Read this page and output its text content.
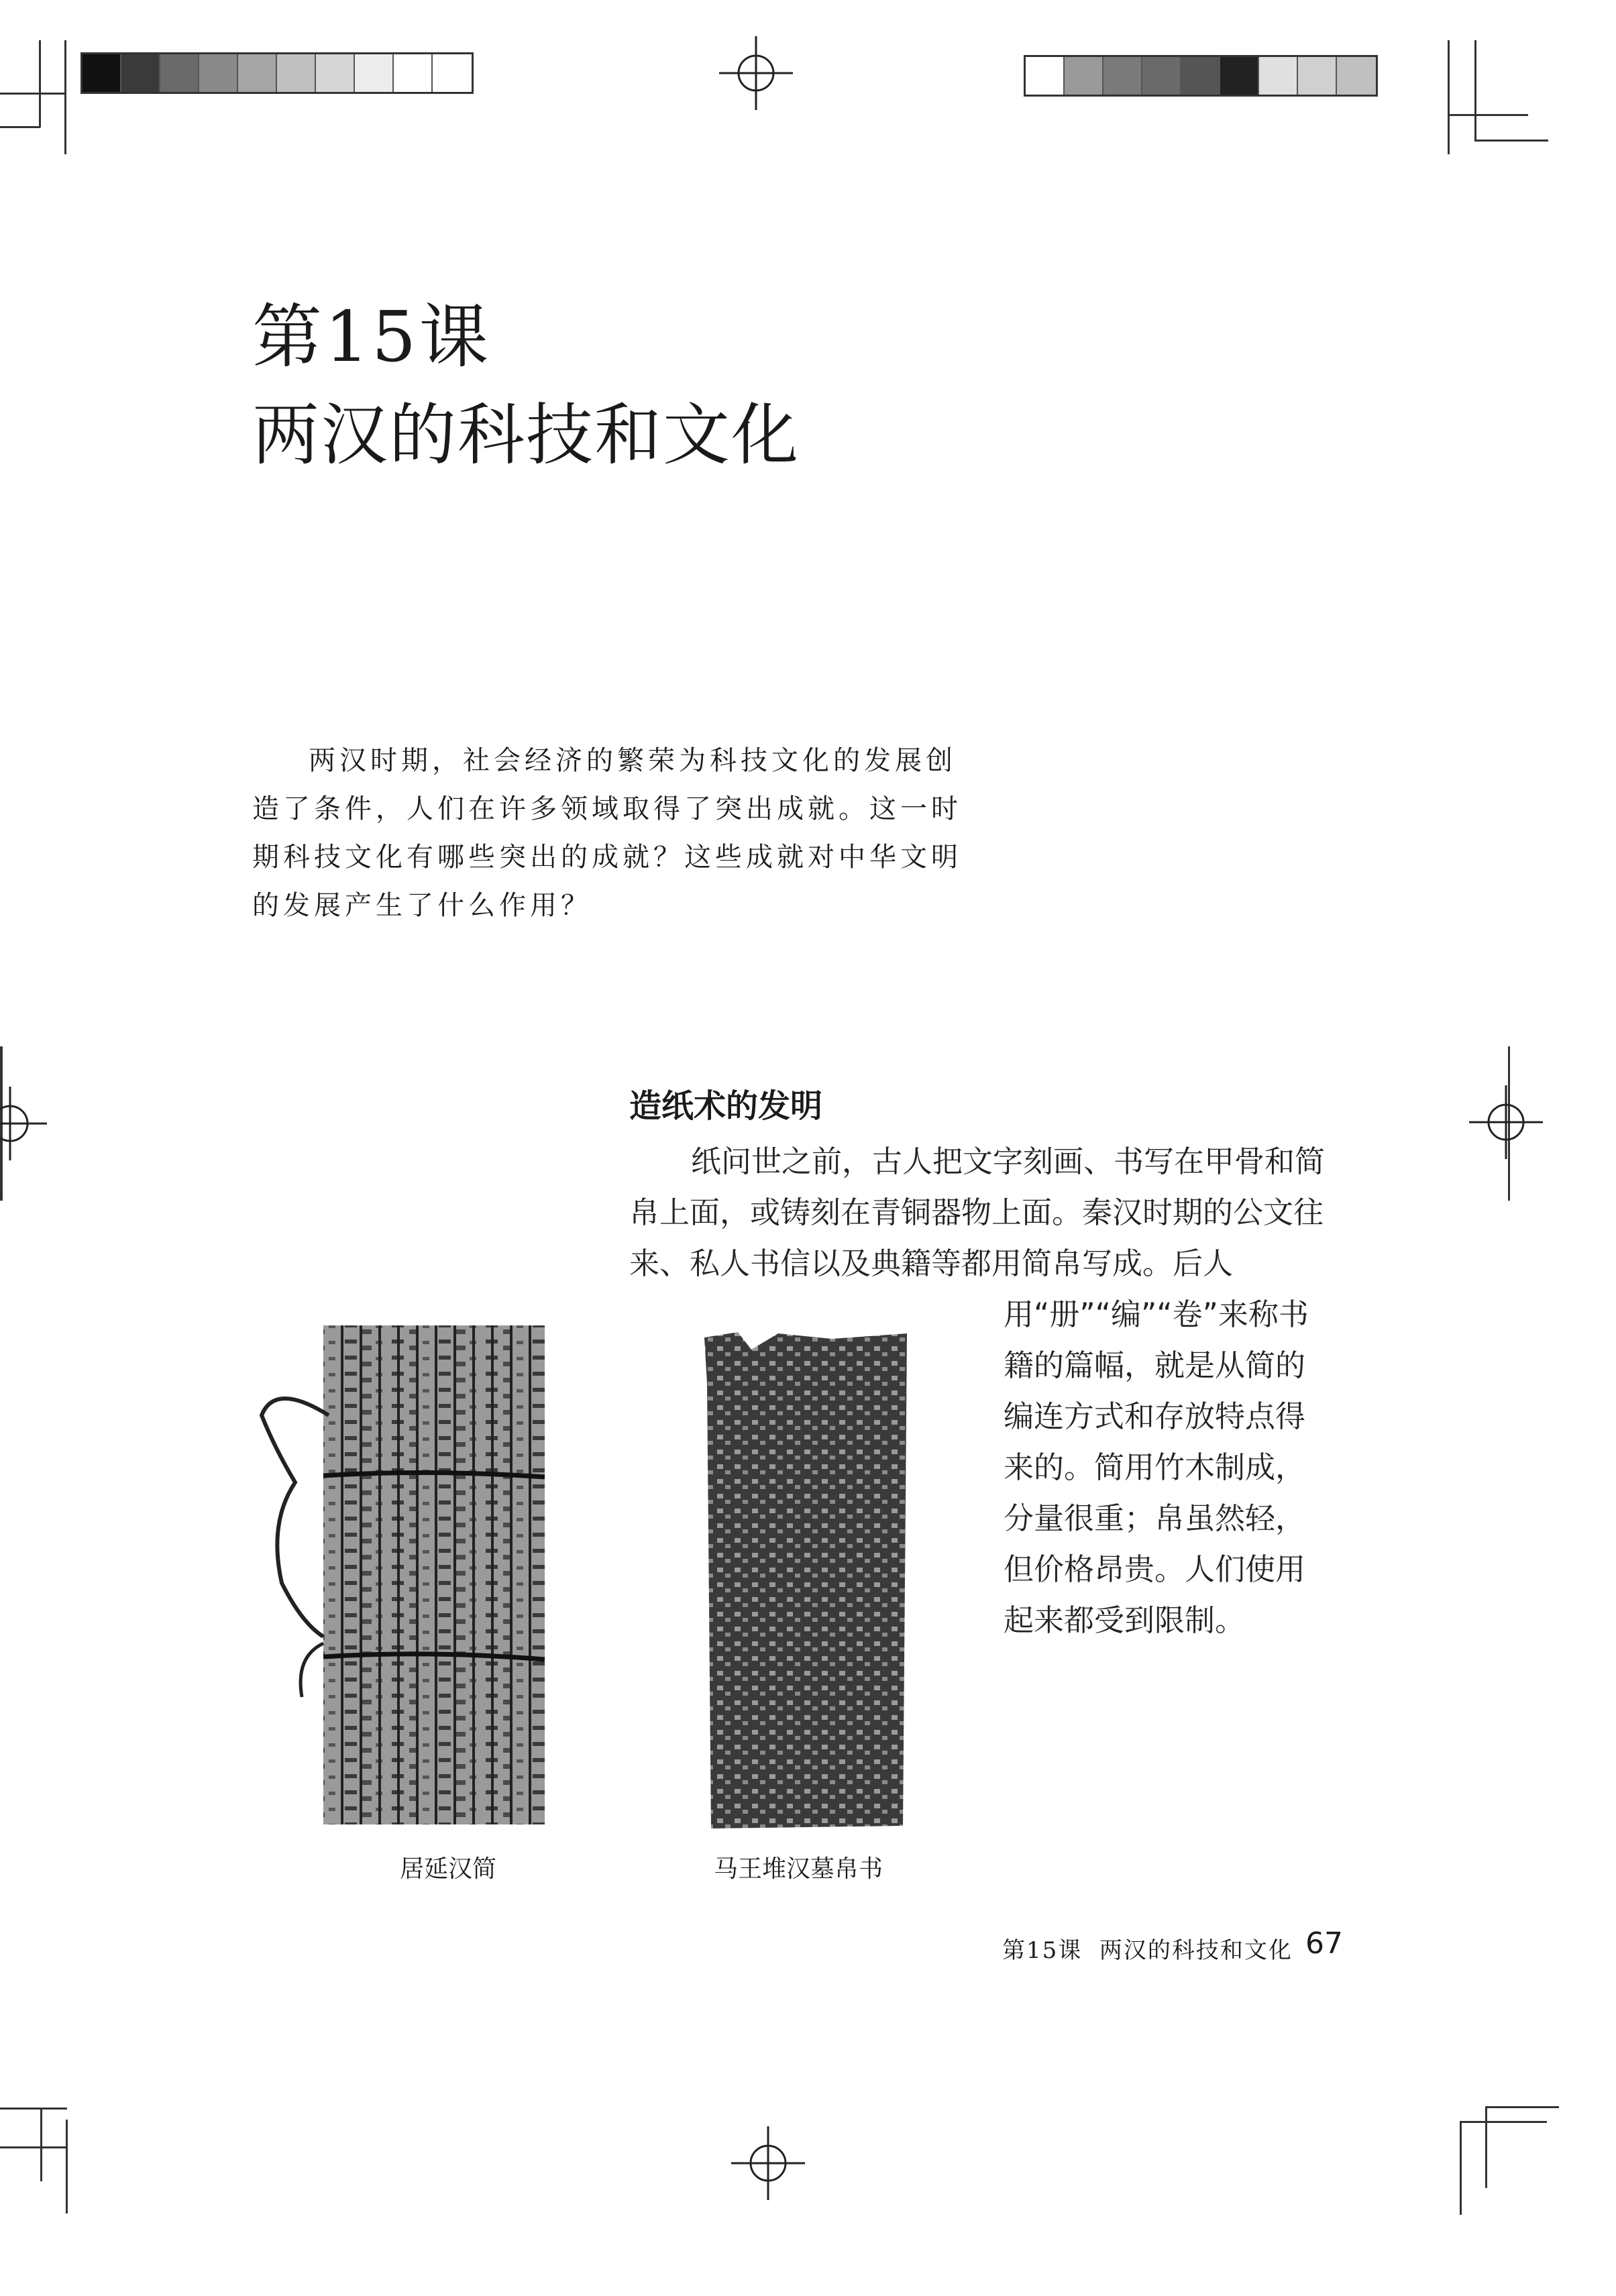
第15课
两汉的科技和文化

两汉时期，社会经济的繁荣为科技文化的发展创造了条件，人们在许多领域取得了突出成就。这一时期科技文化有哪些突出的成就？这些成就对中华文明的发展产生了什么作用？

造纸术的发明

纸问世之前，古人把文字刻画、书写在甲骨和简帛上面，或铸刻在青铜器物上面。秦汉时期的公文往来、私人书信以及典籍等都用简帛写成。后人

用“册”“编”“卷”来称书籍的篇幅，就是从简的编连方式和存放特点得来的。简用竹木制成，分量很重；帛虽然轻，但价格昂贵。人们使用起来都受到限制。

居延汉简	马王堆汉墓帛书
第15课  两汉的科技和文化 67
